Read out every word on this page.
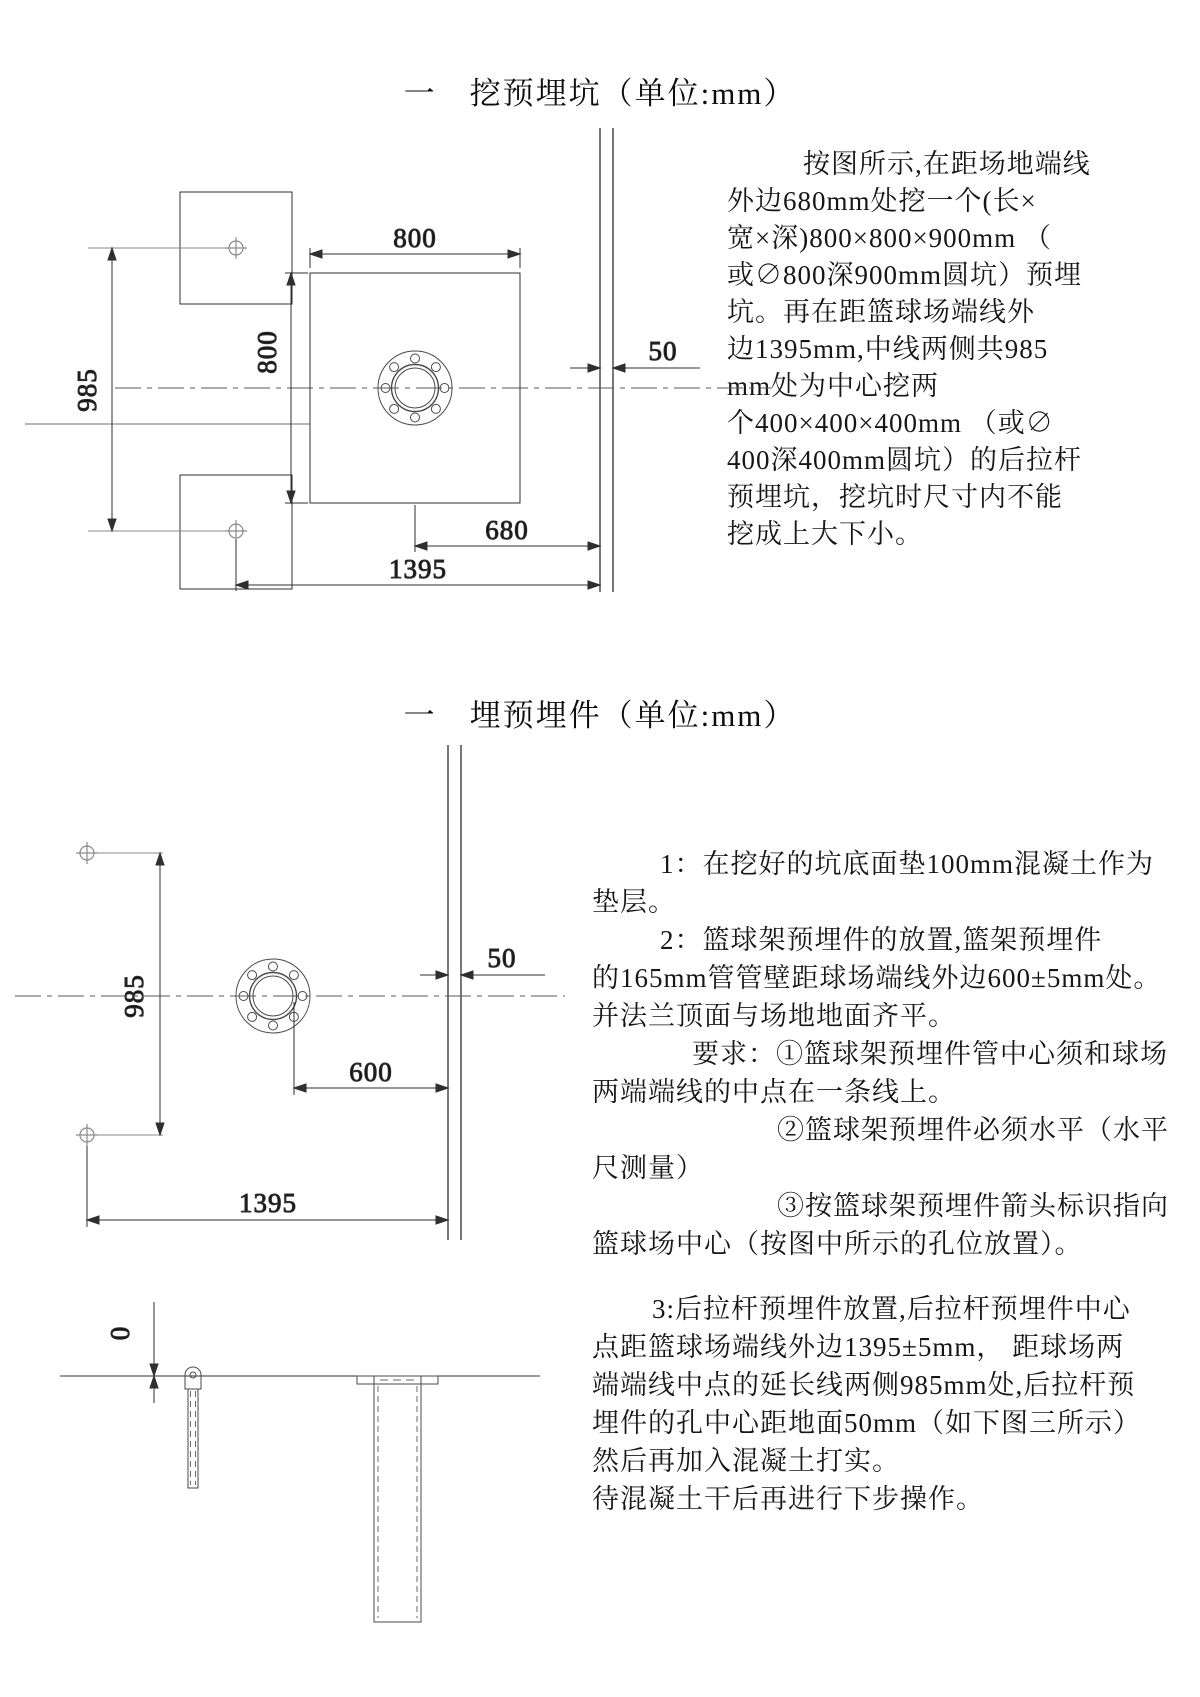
一　挖预埋坑（单位:mm）
一　埋预埋件（单位:mm）
按图所示,在距场地端线
外边680mm处挖一个(长×
宽×深)800×800×900mm （
或∅800深900mm圆坑）预埋
坑。再在距篮球场端线外
边1395mm,中线两侧共985
mm处为中心挖两
个400×400×400mm （或∅
400深400mm圆坑）的后拉杆
预埋坑，挖坑时尺寸内不能
挖成上大下小。
1：在挖好的坑底面垫100mm混凝土作为
垫层。
2：篮球架预埋件的放置,篮架预埋件
的165mm管管壁距球场端线外边600±5mm处。
并法兰顶面与场地地面齐平。
要求：①篮球架预埋件管中心须和球场
两端端线的中点在一条线上。
②篮球架预埋件必须水平（水平
尺测量）
③按篮球架预埋件箭头标识指向
篮球场中心（按图中所示的孔位放置）。
3:后拉杆预埋件放置,后拉杆预埋件中心
点距篮球场端线外边1395±5mm， 距球场两
端端线中点的延长线两侧985mm处,后拉杆预
埋件的孔中心距地面50mm（如下图三所示）
然后再加入混凝土打实。
待混凝土干后再进行下步操作。
985
800
800
680
1395
50
985
600
1395
50
0
